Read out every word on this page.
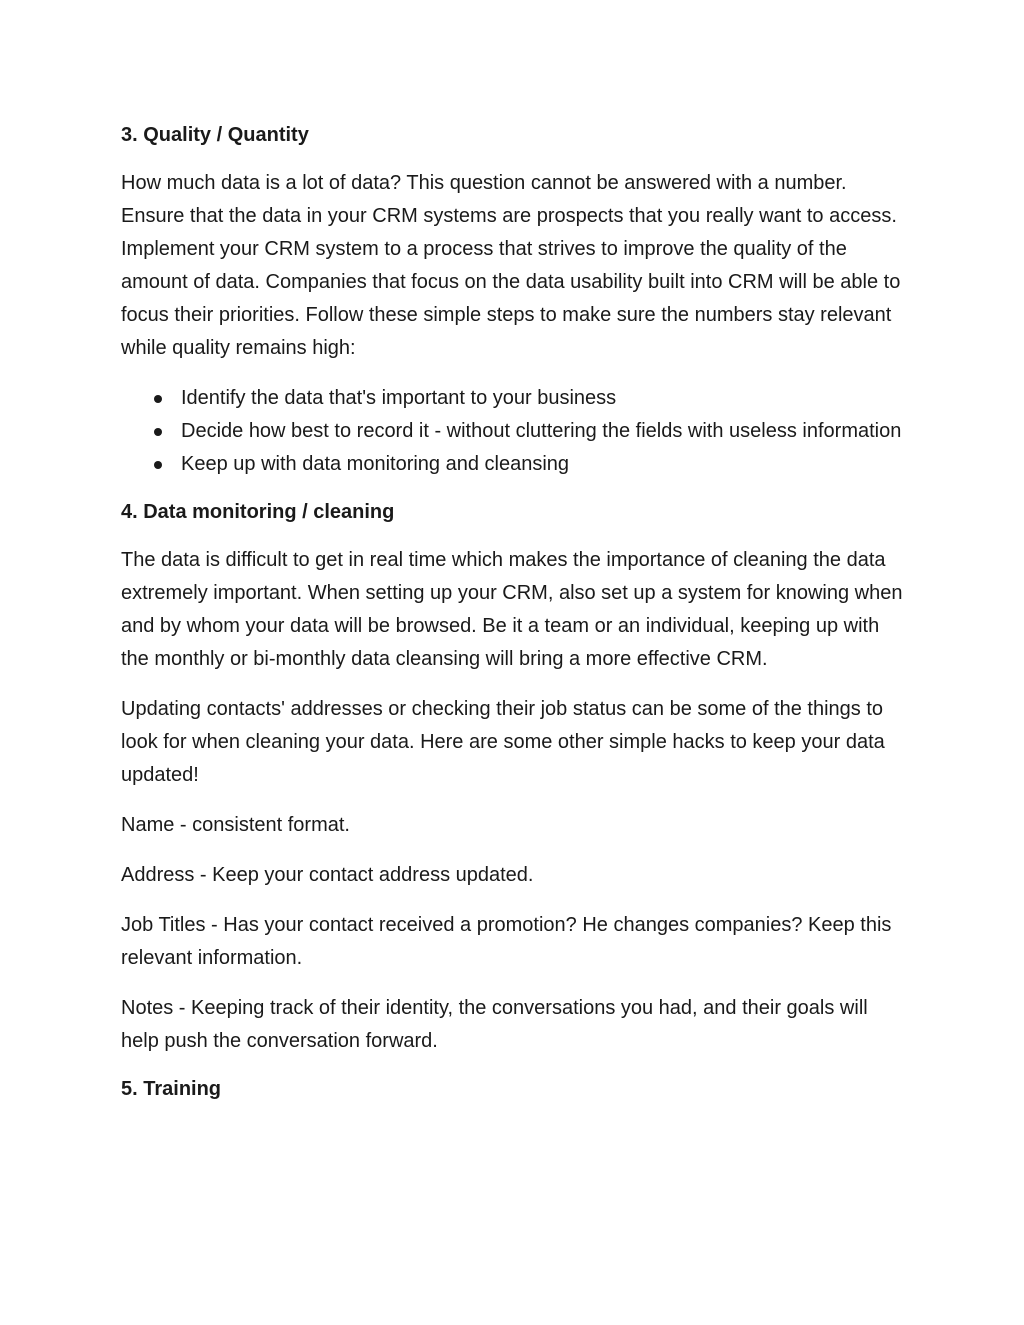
3. Quality / Quantity

How much data is a lot of data? This question cannot be answered with a number. Ensure that the data in your CRM systems are prospects that you really want to access. Implement your CRM system to a process that strives to improve the quality of the amount of data. Companies that focus on the data usability built into CRM will be able to focus their priorities. Follow these simple steps to make sure the numbers stay relevant while quality remains high:

Identify the data that's important to your business
Decide how best to record it - without cluttering the fields with useless information
Keep up with data monitoring and cleansing
4. Data monitoring / cleaning

The data is difficult to get in real time which makes the importance of cleaning the data extremely important. When setting up your CRM, also set up a system for knowing when and by whom your data will be browsed. Be it a team or an individual, keeping up with the monthly or bi-monthly data cleansing will bring a more effective CRM.

Updating contacts' addresses or checking their job status can be some of the things to look for when cleaning your data. Here are some other simple hacks to keep your data updated!

Name - consistent format.

Address - Keep your contact address updated.

Job Titles - Has your contact received a promotion? He changes companies? Keep this relevant information.

Notes - Keeping track of their identity, the conversations you had, and their goals will help push the conversation forward.

5. Training
